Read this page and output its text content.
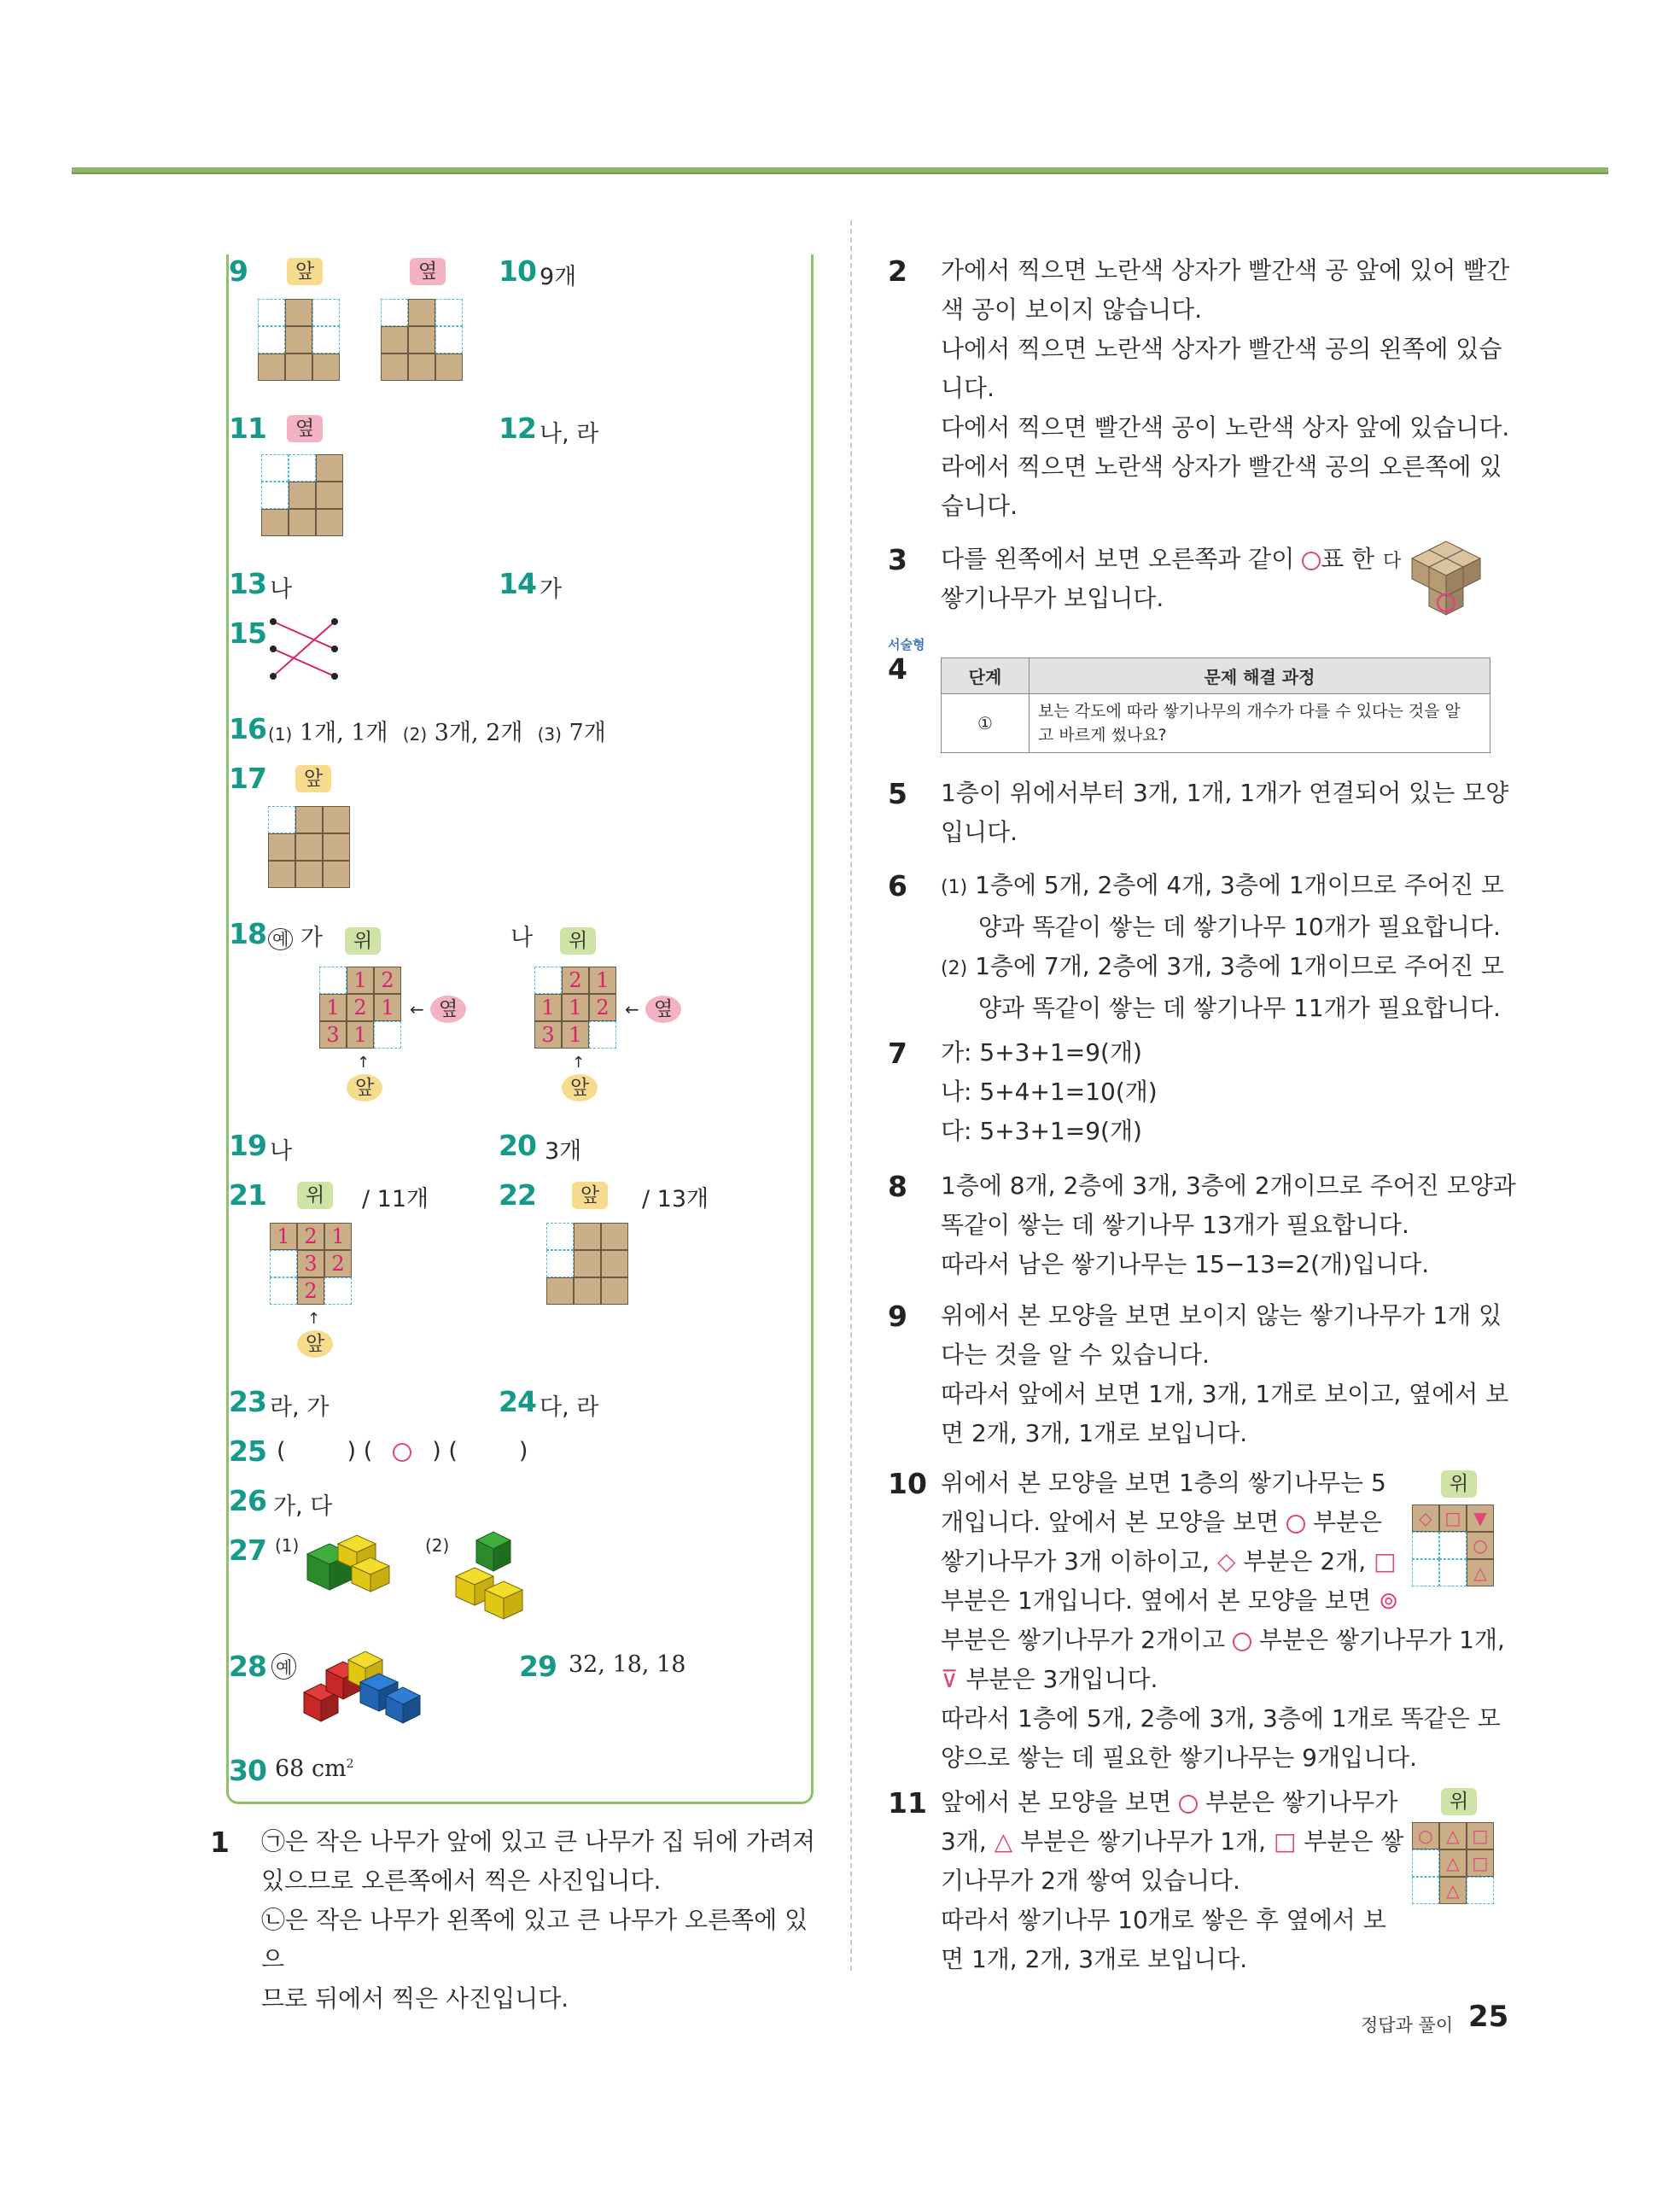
9	앞	옆	10 9개
11	옆	12 나, 라
13 나	14 가
15
16 (1) 1개, 1개 (2) 3개, 2개 (3) 7개
17	앞
18 예 가	위
1 2
1 2 1
3 1
← 옆
↑
앞
나	위
2 1
1 1 2
3 1
← 옆
↑
앞
19 나	20 3개
21	위	/ 11개
1 2 1
3 2
2
↑
앞
22	앞	/ 13개
23 라, 가	24 다, 라
25 (	) (	) (	)
26 가, 다
27 (1)	(2)
28 예	29 32, 18, 18
30 68 $cm^2$
1 ㉠은 작은 나무가 앞에 있고 큰 나무가 집 뒤에 가려져

있으므로 오른쪽에서 찍은 사진입니다.

㉡은 작은 나무가 왼쪽에 있고 큰 나무가 오른쪽에 있으

므로 뒤에서 찍은 사진입니다.

2 가에서 찍으면 노란색 상자가 빨간색 공 앞에 있어 빨간

색 공이 보이지 않습니다.

나에서 찍으면 노란색 상자가 빨간색 공의 왼쪽에 있습

니다.

다에서 찍으면 빨간색 공이 노란색 상자 앞에 있습니다.

라에서 찍으면 노란색 상자가 빨간색 공의 오른쪽에 있

습니다.

3 다를 왼쪽에서 보면 오른쪽과 같이 ○표 한

쌓기나무가 보입니다.

다
서술형
4	단계	문제 해결 과정
①	보는 각도에 따라 쌓기나무의 개수가 다를 수 있다는 것을 알
고 바르게 썼나요?
5 1층이 위에서부터 3개, 1개, 1개가 연결되어 있는 모양

입니다.

6 (1) 1층에 5개, 2층에 4개, 3층에 1개이므로 주어진 모

양과 똑같이 쌓는 데 쌓기나무 10개가 필요합니다.

(2) 1층에 7개, 2층에 3개, 3층에 1개이므로 주어진 모

양과 똑같이 쌓는 데 쌓기나무 11개가 필요합니다.

7 가: 5+3+1=9(개)

나: 5+4+1=10(개)

다: 5+3+1=9(개)

8 1층에 8개, 2층에 3개, 3층에 2개이므로 주어진 모양과

똑같이 쌓는 데 쌓기나무 13개가 필요합니다.

따라서 남은 쌓기나무는 15−13=2(개)입니다.

9 위에서 본 모양을 보면 보이지 않는 쌓기나무가 1개 있

다는 것을 알 수 있습니다.

따라서 앞에서 보면 1개, 3개, 1개로 보이고, 옆에서 보

면 2개, 3개, 1개로 보입니다.

10 위에서 본 모양을 보면 1층의 쌓기나무는 5

개입니다. 앞에서 본 모양을 보면 부분은

쌓기나무가 3개 이하이고, ◇ 부분은 2개, □

부분은 1개입니다. 옆에서 본 모양을 보면 ⊚

부분은 쌓기나무가 2개이고 부분은 쌓기나무가 1개,

⊽ 부분은 3개입니다.

따라서 1층에 5개, 2층에 3개, 3층에 1개로 똑같은 모

양으로 쌓는 데 필요한 쌓기나무는 9개입니다.

위
◇ □ ▼
○
△
11 앞에서 본 모양을 보면 부분은 쌓기나무가

3개, △ 부분은 쌓기나무가 1개, □ 부분은 쌓

기나무가 2개 쌓여 있습니다.

따라서 쌓기나무 10개로 쌓은 후 옆에서 보

면 1개, 2개, 3개로 보입니다.

위
○ △ □
△ □
△
정답과 풀이 25
